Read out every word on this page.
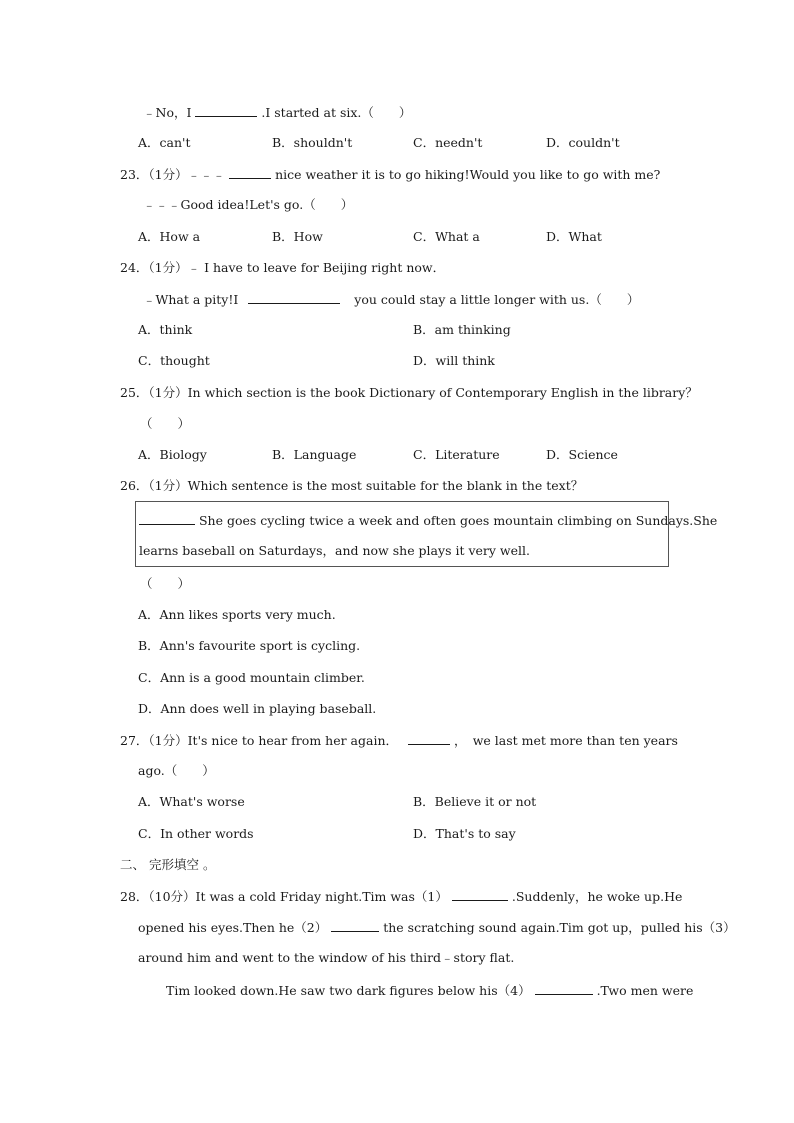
﹣No，I	.I started at six.（　　）
A．can't	B．shouldn't	C．needn't	D．couldn't
23．（1分）﹣﹣﹣	nice weather it is to go hiking!Would you like to go with me?
﹣﹣﹣Good idea!Let's go.（　　）
A．How a	B．How	C．What a	D．What
24．（1分）﹣ I have to leave for Beijing right now．
﹣What a pity!I	you could stay a little longer with us.（　　）
A．think	B．am thinking
C．thought	D．will think
25．（1分）In which section is the book Dictionary of Contemporary English in the library？
（　　）
A．Biology	B．Language	C．Literature	D．Science
26．（1分）Which sentence is the most suitable for the blank in the text？
She goes cycling twice a week and often goes mountain climbing on Sundays.She
learns baseball on Saturdays，and now she plays it very well.
（　　）
A．Ann likes sports very much.
B．Ann's favourite sport is cycling.
C．Ann is a good mountain climber.
D．Ann does well in playing baseball.
27．（1分）It's nice to hear from her again．	，　we last met more than ten years
ago.（　　）
A．What's worse	B．Believe it or not
C．In other words	D．That's to say
二、 完形填空 。
28．（10分）It was a cold Friday night.Tim was（1）	.Suddenly，he woke up.He
opened his eyes.Then he（2）	the scratching sound again.Tim got up，pulled his（3）
around him and went to the window of his third﹣story flat.
Tim looked down.He saw two dark figures below his（4）	.Two men were
